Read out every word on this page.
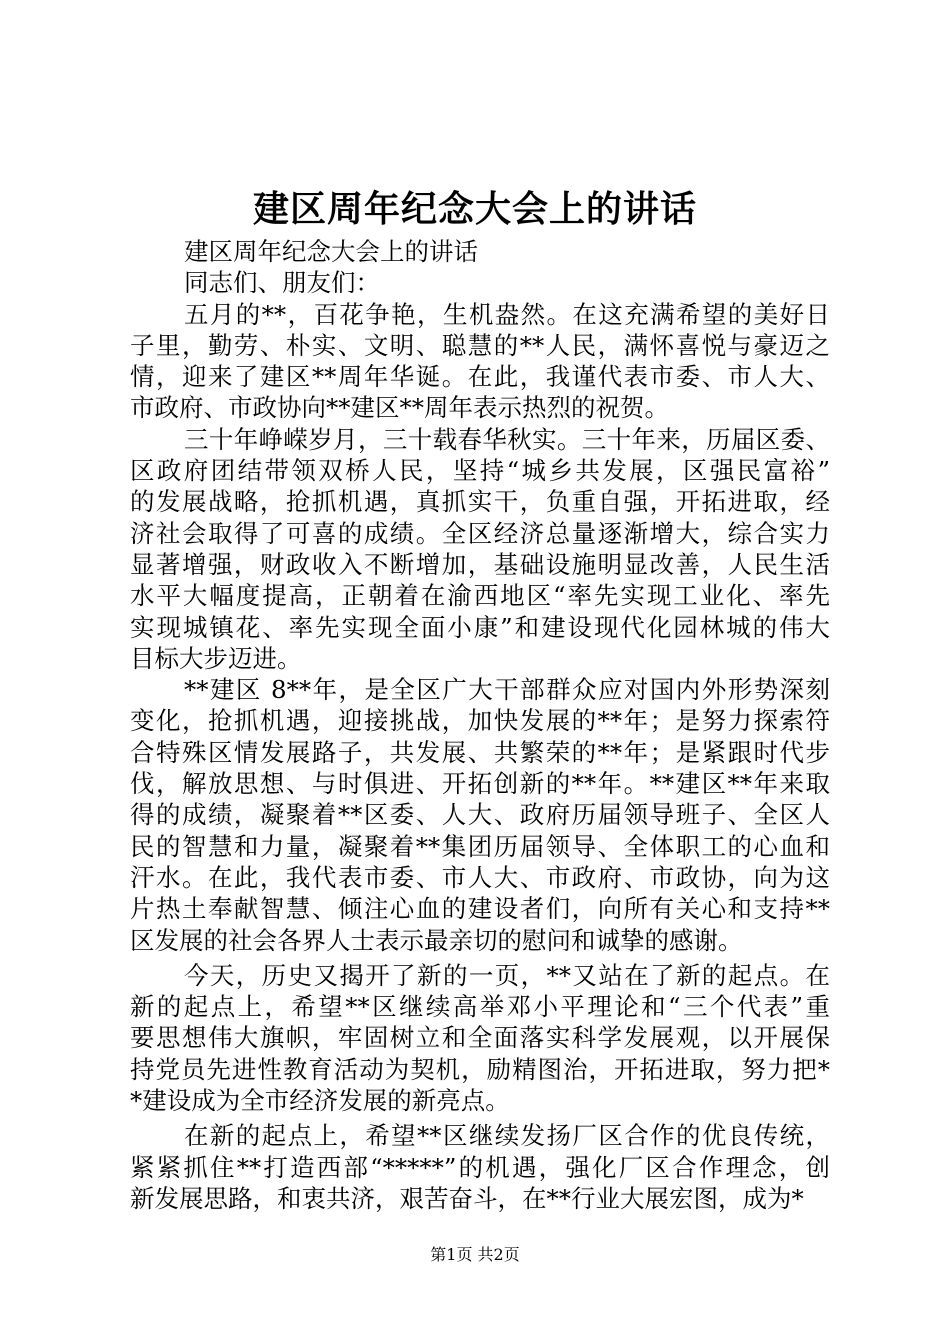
建区周年纪念大会上的讲话
建区周年纪念大会上的讲话
同志们、朋友们：
五月的**，百花争艳，生机盎然。在这充满希望的美好日
子里，勤劳、朴实、文明、聪慧的**人民，满怀喜悦与豪迈之
情，迎来了建区**周年华诞。在此，我谨代表市委、市人大、
市政府、市政协向**建区**周年表示热烈的祝贺。
三十年峥嵘岁月，三十载春华秋实。三十年来，历届区委、
区政府团结带领双桥人民，坚持“城乡共发展，区强民富裕”
的发展战略，抢抓机遇，真抓实干，负重自强，开拓进取，经
济社会取得了可喜的成绩。全区经济总量逐渐增大，综合实力
显著增强，财政收入不断增加，基础设施明显改善，人民生活
水平大幅度提高，正朝着在渝西地区“率先实现工业化、率先
实现城镇花、率先实现全面小康”和建设现代化园林城的伟大
目标大步迈进。
**建区 8**年，是全区广大干部群众应对国内外形势深刻
变化，抢抓机遇，迎接挑战，加快发展的**年；是努力探索符
合特殊区情发展路子，共发展、共繁荣的**年；是紧跟时代步
伐，解放思想、与时俱进、开拓创新的**年。**建区**年来取
得的成绩，凝聚着**区委、人大、政府历届领导班子、全区人
民的智慧和力量，凝聚着**集团历届领导、全体职工的心血和
汗水。在此，我代表市委、市人大、市政府、市政协，向为这
片热土奉献智慧、倾注心血的建设者们，向所有关心和支持**
区发展的社会各界人士表示最亲切的慰问和诚挚的感谢。
今天，历史又揭开了新的一页，**又站在了新的起点。在
新的起点上，希望**区继续高举邓小平理论和“三个代表”重
要思想伟大旗帜，牢固树立和全面落实科学发展观，以开展保
持党员先进性教育活动为契机，励精图治，开拓进取，努力把*
*建设成为全市经济发展的新亮点。
在新的起点上，希望**区继续发扬厂区合作的优良传统，
紧紧抓住**打造西部“*****”的机遇，强化厂区合作理念，创
新发展思路，和衷共济，艰苦奋斗，在**行业大展宏图，成为*
第1页 共2页
